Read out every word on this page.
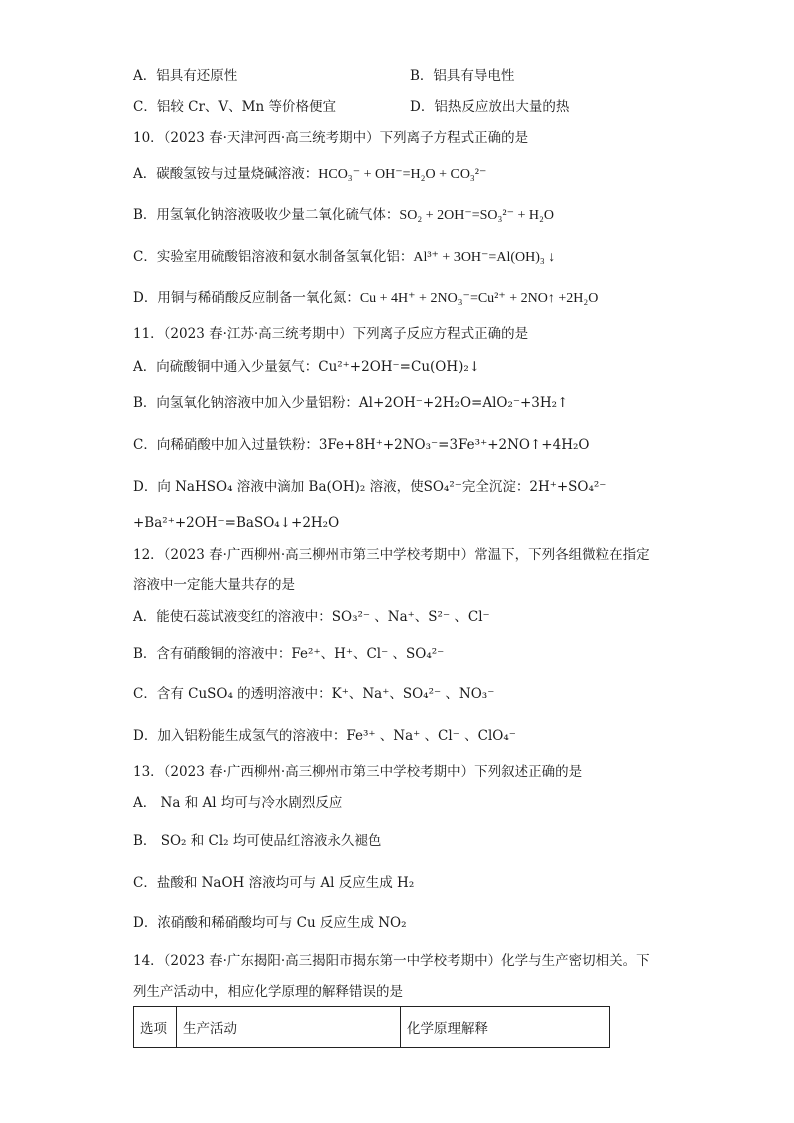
A．铝具有还原性	B．铝具有导电性
C．铝较 Cr、V、Mn 等价格便宜	D．铝热反应放出大量的热
10．（2023 春·天津河西·高三统考期中）下列离子方程式正确的是
A．碳酸氢铵与过量烧碱溶液：HCO₃⁻ + OH⁻=H₂O + CO₃²⁻
B．用氢氧化钠溶液吸收少量二氧化硫气体：SO₂ + 2OH⁻=SO₃²⁻ + H₂O
C．实验室用硫酸铝溶液和氨水制备氢氧化铝：Al³⁺ + 3OH⁻=Al(OH)₃ ↓
D．用铜与稀硝酸反应制备一氧化氮：Cu + 4H⁺ + 2NO₃⁻=Cu²⁺ + 2NO↑ +2H₂O
11．（2023 春·江苏·高三统考期中）下列离子反应方程式正确的是
A．向硫酸铜中通入少量氨气：Cu²⁺+2OH⁻=Cu(OH)₂↓
B．向氢氧化钠溶液中加入少量铝粉：Al+2OH⁻+2H₂O=AlO₂⁻+3H₂↑
C．向稀硝酸中加入过量铁粉：3Fe+8H⁺+2NO₃⁻=3Fe³⁺+2NO↑+4H₂O
D．向 NaHSO₄ 溶液中滴加 Ba(OH)₂ 溶液，使SO₄²⁻完全沉淀：2H⁺+SO₄²⁻
+Ba²⁺+2OH⁻=BaSO₄↓+2H₂O
12．（2023 春·广西柳州·高三柳州市第三中学校考期中）常温下，下列各组微粒在指定
溶液中一定能大量共存的是
A．能使石蕊试液变红的溶液中：SO₃²⁻ 、Na⁺、S²⁻ 、Cl⁻
B．含有硝酸铜的溶液中：Fe²⁺、H⁺、Cl⁻ 、SO₄²⁻
C．含有 CuSO₄ 的透明溶液中：K⁺、Na⁺、SO₄²⁻ 、NO₃⁻
D．加入铝粉能生成氢气的溶液中：Fe³⁺ 、Na⁺ 、Cl⁻ 、ClO₄⁻
13．（2023 春·广西柳州·高三柳州市第三中学校考期中）下列叙述正确的是
A． Na 和 Al 均可与冷水剧烈反应
B． SO₂ 和 Cl₂ 均可使品红溶液永久褪色
C．盐酸和 NaOH 溶液均可与 Al 反应生成 H₂
D．浓硝酸和稀硝酸均可与 Cu 反应生成 NO₂
14．（2023 春·广东揭阳·高三揭阳市揭东第一中学校考期中）化学与生产密切相关。下
列生产活动中，相应化学原理的解释错误的是
选项	生产活动	化学原理解释
